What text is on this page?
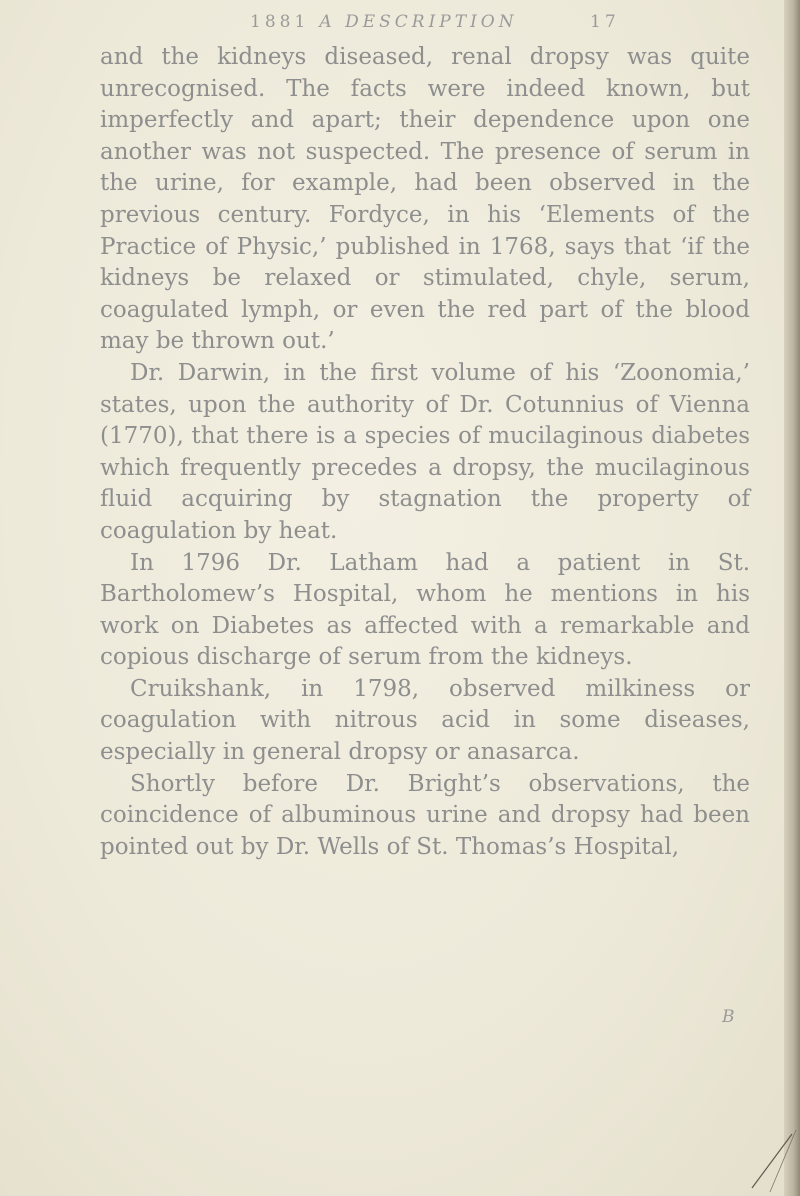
1881 A DESCRIPTION	17

and the kidneys diseased, renal dropsy was quite unrecognised. The facts were indeed known, but imperfectly and apart; their dependence upon one another was not suspected. The presence of serum in the urine, for example, had been observed in the previous century. Fordyce, in his ‘Elements of the Practice of Physic,’ published in 1768, says that ‘if the kidneys be relaxed or stimulated, chyle, serum, coagulated lymph, or even the red part of the blood may be thrown out.’

Dr. Darwin, in the first volume of his ‘Zoonomia,’ states, upon the authority of Dr. Cotunnius of Vienna (1770), that there is a species of mucilaginous diabetes which frequently precedes a dropsy, the mucilaginous fluid acquiring by stagnation the property of coagulation by heat.

In 1796 Dr. Latham had a patient in St. Bartholomew’s Hospital, whom he mentions in his work on Diabetes as affected with a remarkable and copious discharge of serum from the kidneys.

Cruikshank, in 1798, observed milkiness or coagulation with nitrous acid in some diseases, especially in general dropsy or anasarca.

Shortly before Dr. Bright’s observations, the coincidence of albuminous urine and dropsy had been pointed out by Dr. Wells of St. Thomas’s Hospital,

B
